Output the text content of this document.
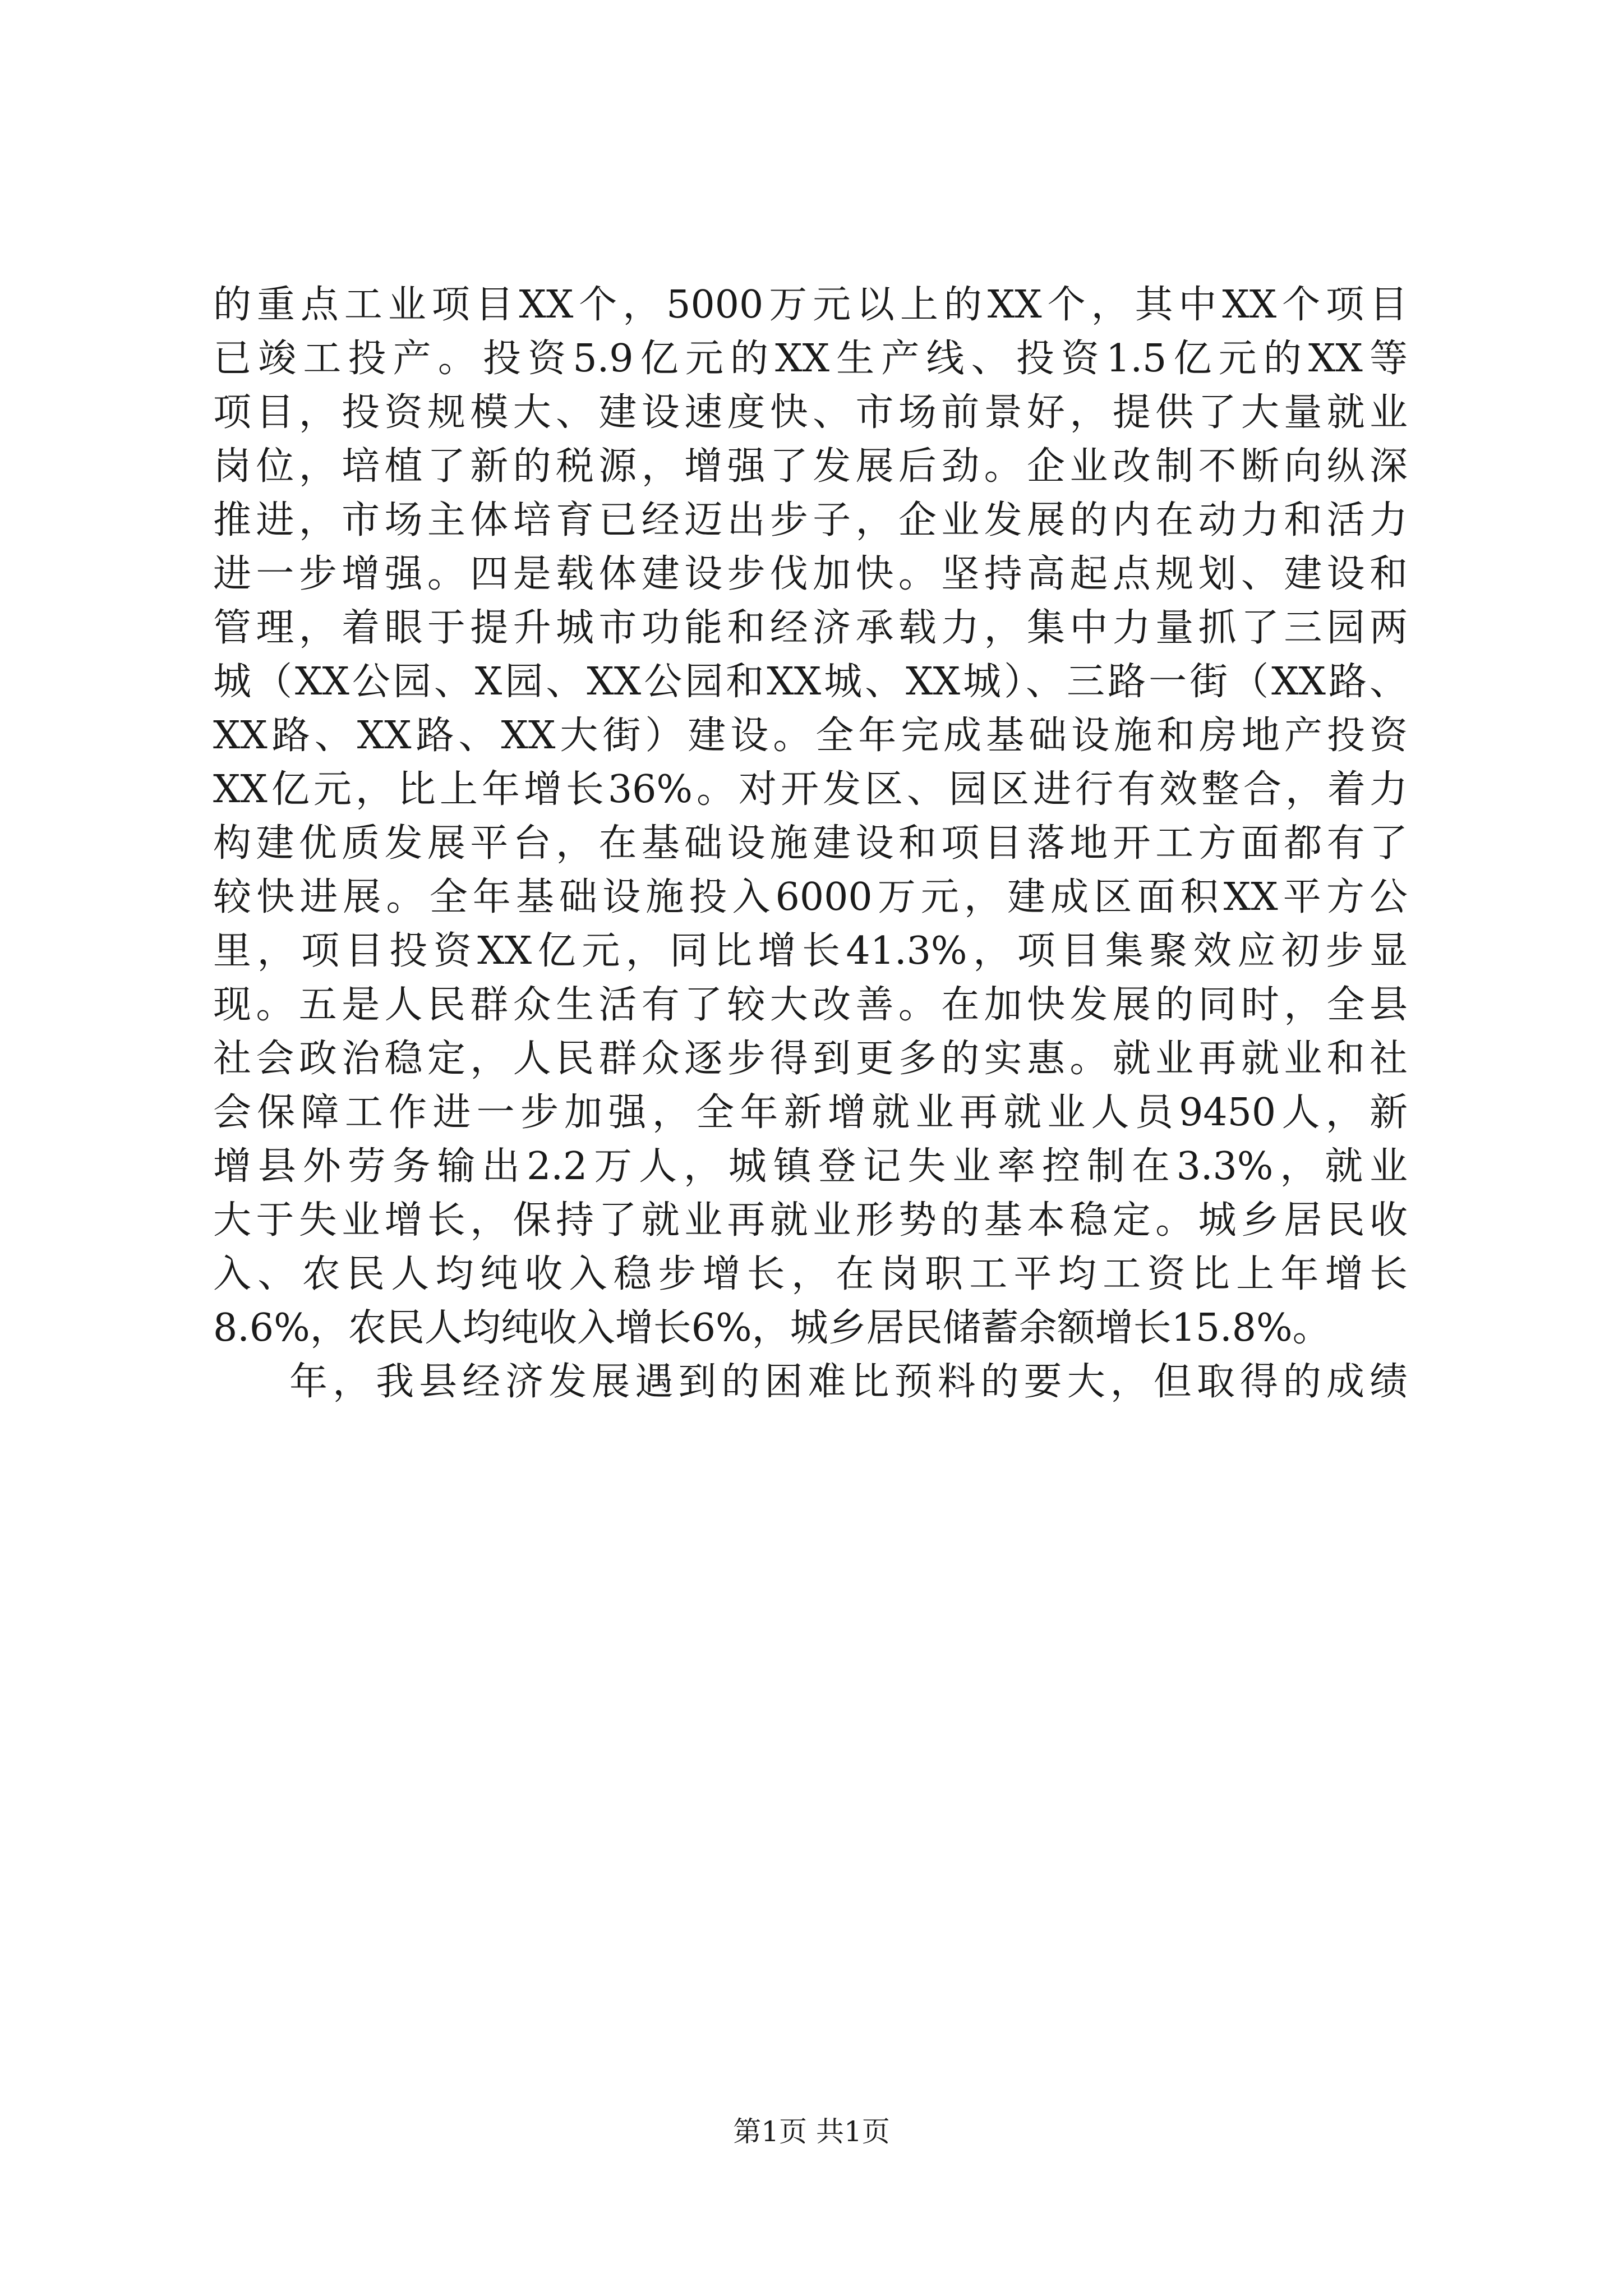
的重点工业项目XX个，5000万元以上的XX个，其中XX个项目

已竣工投产。投资5.9亿元的XX生产线、投资1.5亿元的XX等

项目，投资规模大、建设速度快、市场前景好，提供了大量就业

岗位，培植了新的税源，增强了发展后劲。企业改制不断向纵深

推进，市场主体培育已经迈出步子，企业发展的内在动力和活力

进一步增强。四是载体建设步伐加快。坚持高起点规划、建设和

管理，着眼于提升城市功能和经济承载力，集中力量抓了三园两

城（XX公园、X园、XX公园和XX城、XX城）、三路一街（XX路、

XX路、XX路、XX大街）建设。全年完成基础设施和房地产投资

XX亿元，比上年增长36%。对开发区、园区进行有效整合，着力

构建优质发展平台，在基础设施建设和项目落地开工方面都有了

较快进展。全年基础设施投入6000万元，建成区面积XX平方公

里，项目投资XX亿元，同比增长41.3%，项目集聚效应初步显

现。五是人民群众生活有了较大改善。在加快发展的同时，全县

社会政治稳定，人民群众逐步得到更多的实惠。就业再就业和社

会保障工作进一步加强，全年新增就业再就业人员9450人，新

增县外劳务输出2.2万人，城镇登记失业率控制在3.3%，就业

大于失业增长，保持了就业再就业形势的基本稳定。城乡居民收

入、农民人均纯收入稳步增长，在岗职工平均工资比上年增长

8.6%，农民人均纯收入增长6%，城乡居民储蓄余额增长15.8%。

年，我县经济发展遇到的困难比预料的要大，但取得的成绩

第1页 共1页
